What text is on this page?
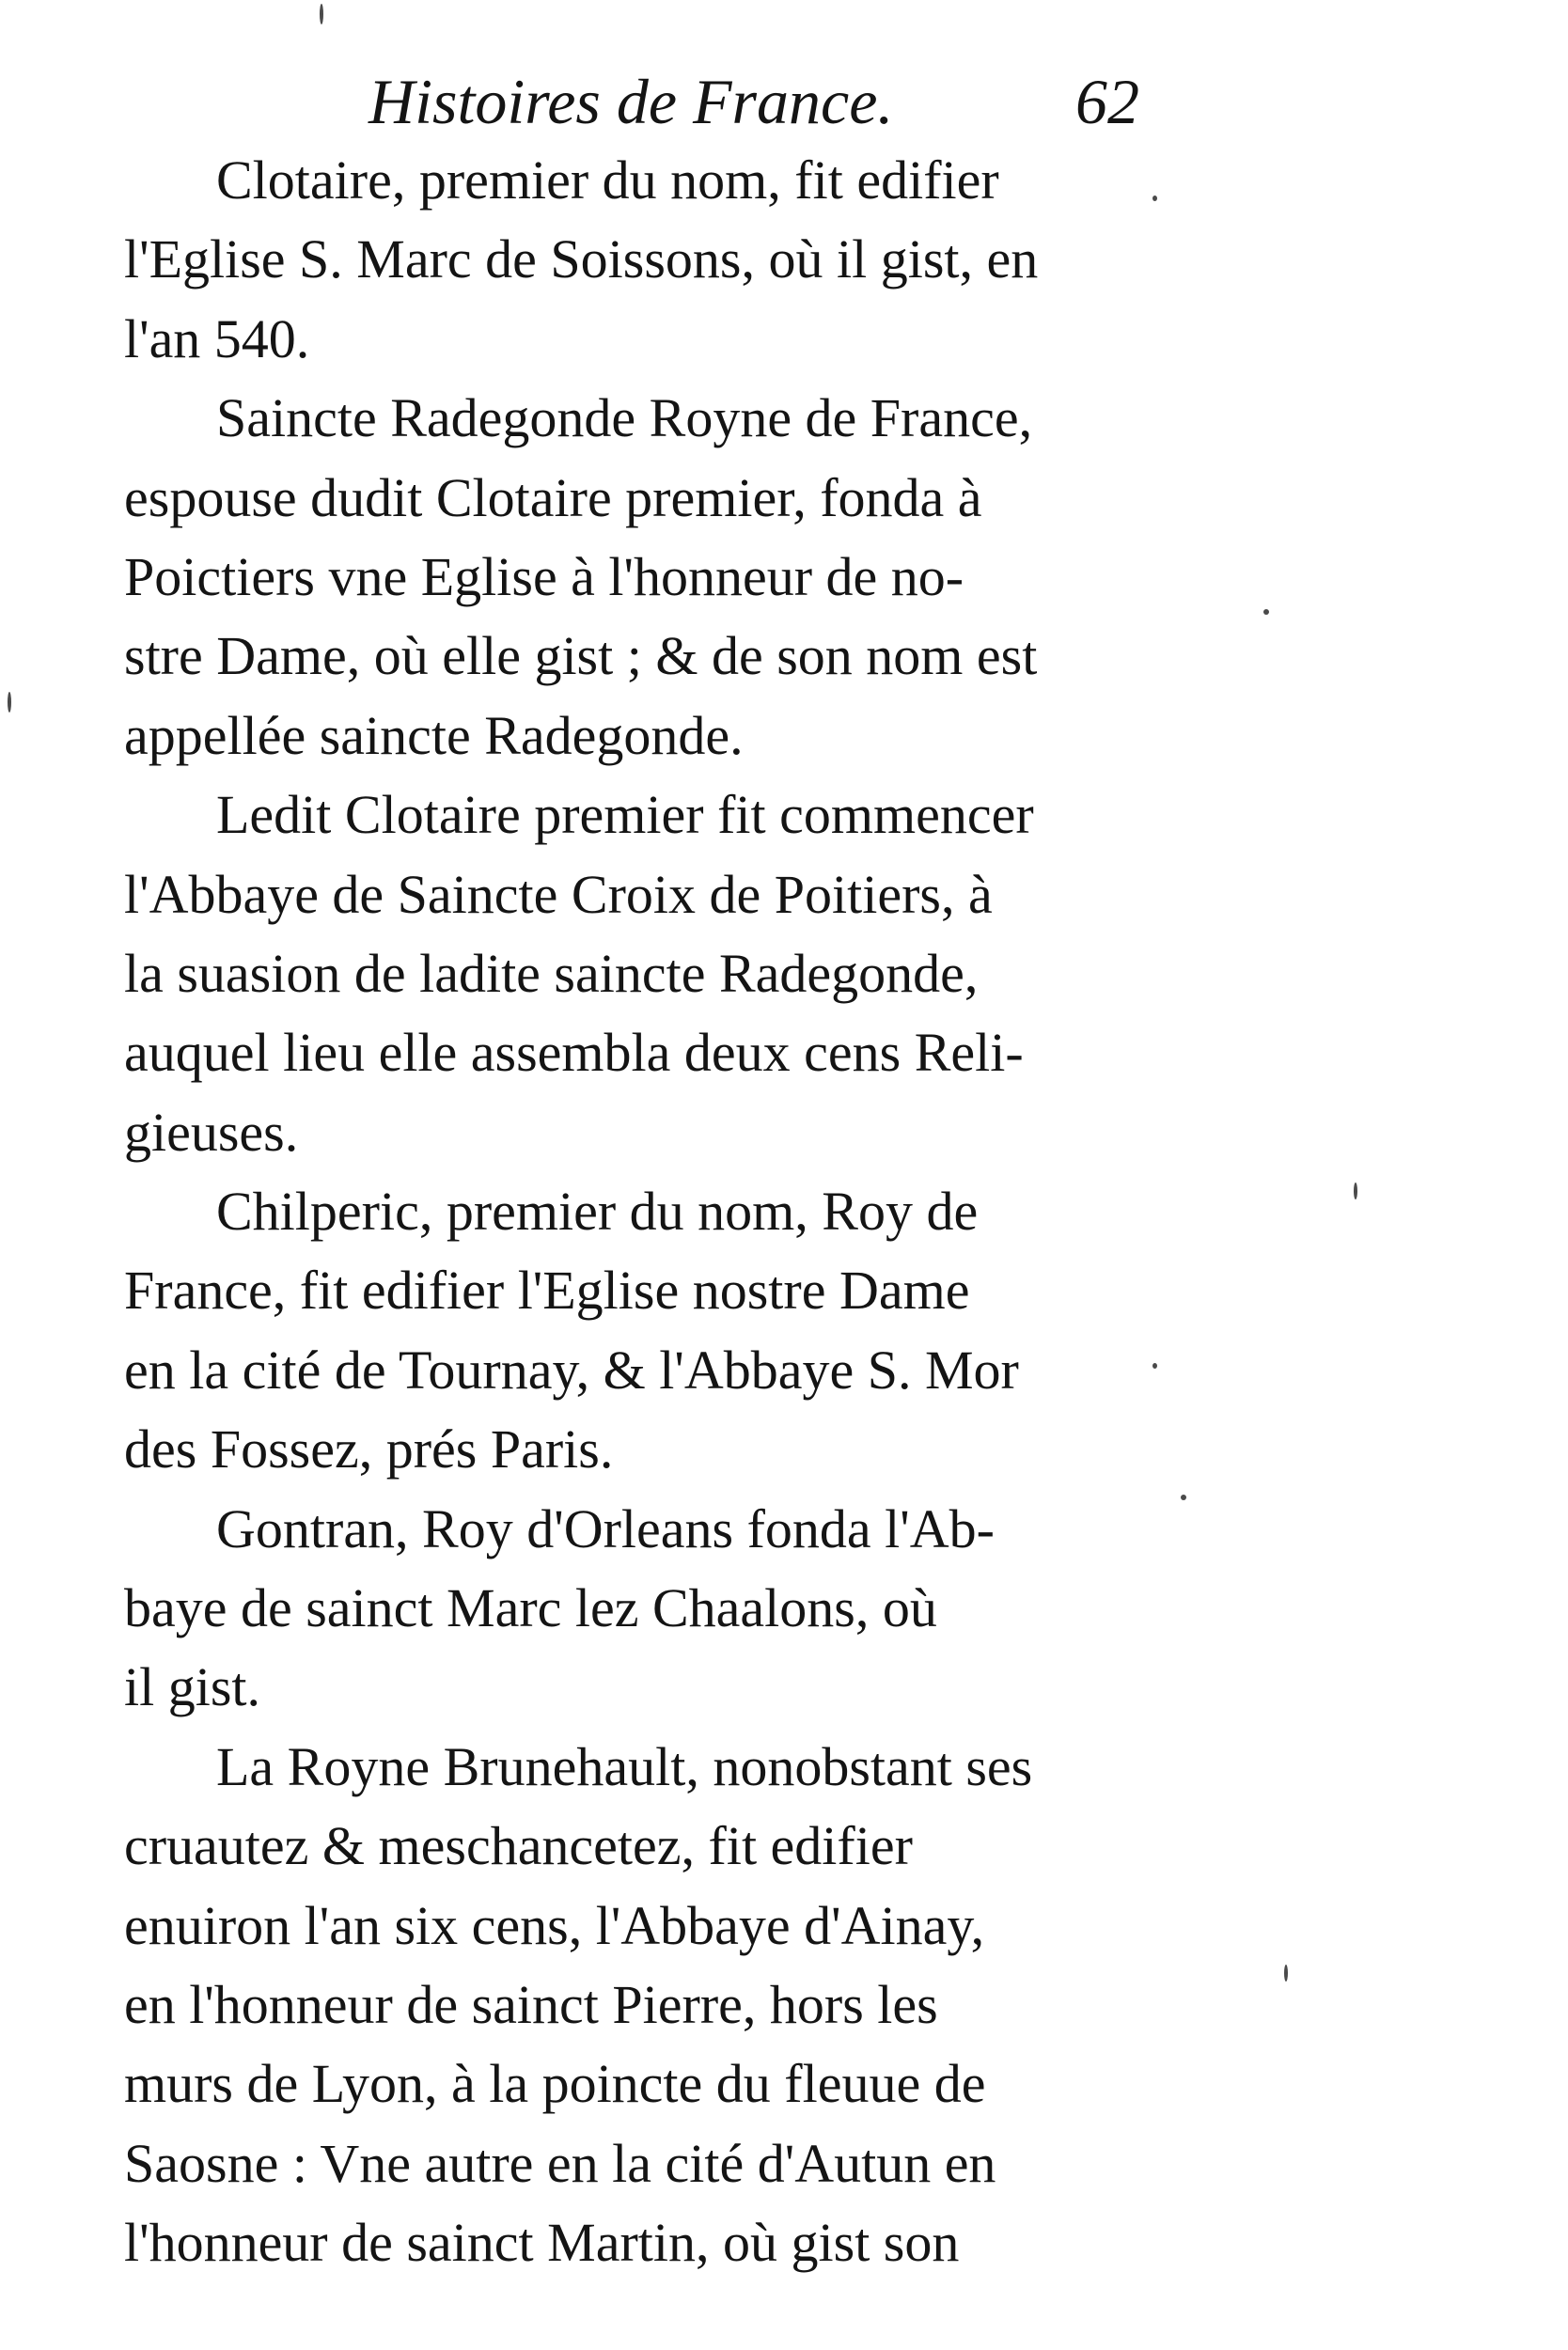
Histoires de France.	62
Clotaire, premier du nom, fit edifier
l'Eglise S. Marc de Soissons, où il gist, en
l'an 540.
Saincte Radegonde Royne de France,
espouse dudit Clotaire premier, fonda à
Poictiers vne Eglise à l'honneur de no-
stre Dame, où elle gist ; & de son nom est
appellée saincte Radegonde.
Ledit Clotaire premier fit commencer
l'Abbaye de Saincte Croix de Poitiers, à
la suasion de ladite saincte Radegonde,
auquel lieu elle assembla deux cens Reli-
gieuses.
Chilperic, premier du nom, Roy de
France, fit edifier l'Eglise nostre Dame
en la cité de Tournay, & l'Abbaye S. Mor
des Fossez, prés Paris.
Gontran, Roy d'Orleans fonda l'Ab-
baye de sainct Marc lez Chaalons, où
il gist.
La Royne Brunehault, nonobstant ses
cruautez & meschancetez, fit edifier
enuiron l'an six cens, l'Abbaye d'Ainay,
en l'honneur de sainct Pierre, hors les
murs de Lyon, à la poincte du fleuue de
Saosne : Vne autre en la cité d'Autun en
l'honneur de sainct Martin, où gist son
